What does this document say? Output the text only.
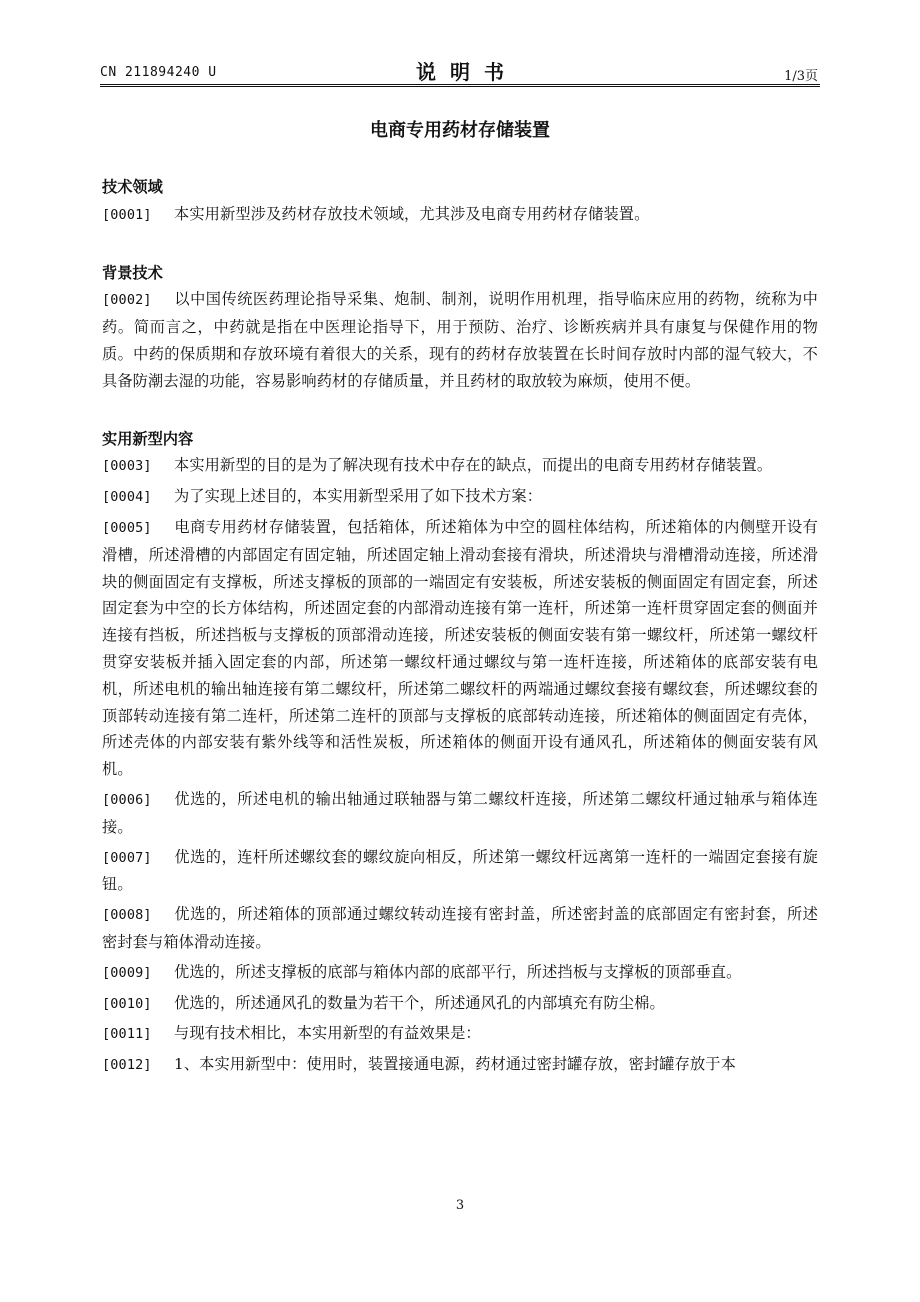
CN 211894240 U	说明书	1/3页
电商专用药材存储装置
技术领域

[0001] 本实用新型涉及药材存放技术领域，尤其涉及电商专用药材存储装置。

背景技术

[0002] 以中国传统医药理论指导采集、炮制、制剂，说明作用机理，指导临床应用的药物，统称为中药。简而言之，中药就是指在中医理论指导下，用于预防、治疗、诊断疾病并具有康复与保健作用的物质。中药的保质期和存放环境有着很大的关系，现有的药材存放装置在长时间存放时内部的湿气较大，不具备防潮去湿的功能，容易影响药材的存储质量，并且药材的取放较为麻烦，使用不便。

实用新型内容

[0003] 本实用新型的目的是为了解决现有技术中存在的缺点，而提出的电商专用药材存储装置。

[0004] 为了实现上述目的，本实用新型采用了如下技术方案：

[0005] 电商专用药材存储装置，包括箱体，所述箱体为中空的圆柱体结构，所述箱体的内侧壁开设有滑槽，所述滑槽的内部固定有固定轴，所述固定轴上滑动套接有滑块，所述滑块与滑槽滑动连接，所述滑块的侧面固定有支撑板，所述支撑板的顶部的一端固定有安装板，所述安装板的侧面固定有固定套，所述固定套为中空的长方体结构，所述固定套的内部滑动连接有第一连杆，所述第一连杆贯穿固定套的侧面并连接有挡板，所述挡板与支撑板的顶部滑动连接，所述安装板的侧面安装有第一螺纹杆，所述第一螺纹杆贯穿安装板并插入固定套的内部，所述第一螺纹杆通过螺纹与第一连杆连接，所述箱体的底部安装有电机，所述电机的输出轴连接有第二螺纹杆，所述第二螺纹杆的两端通过螺纹套接有螺纹套，所述螺纹套的顶部转动连接有第二连杆，所述第二连杆的顶部与支撑板的底部转动连接，所述箱体的侧面固定有壳体，所述壳体的内部安装有紫外线等和活性炭板，所述箱体的侧面开设有通风孔，所述箱体的侧面安装有风机。

[0006] 优选的，所述电机的输出轴通过联轴器与第二螺纹杆连接，所述第二螺纹杆通过轴承与箱体连接。

[0007] 优选的，连杆所述螺纹套的螺纹旋向相反，所述第一螺纹杆远离第一连杆的一端固定套接有旋钮。

[0008] 优选的，所述箱体的顶部通过螺纹转动连接有密封盖，所述密封盖的底部固定有密封套，所述密封套与箱体滑动连接。

[0009] 优选的，所述支撑板的底部与箱体内部的底部平行，所述挡板与支撑板的顶部垂直。

[0010] 优选的，所述通风孔的数量为若干个，所述通风孔的内部填充有防尘棉。

[0011] 与现有技术相比，本实用新型的有益效果是：

[0012] 1、本实用新型中：使用时，装置接通电源，药材通过密封罐存放，密封罐存放于本

3
